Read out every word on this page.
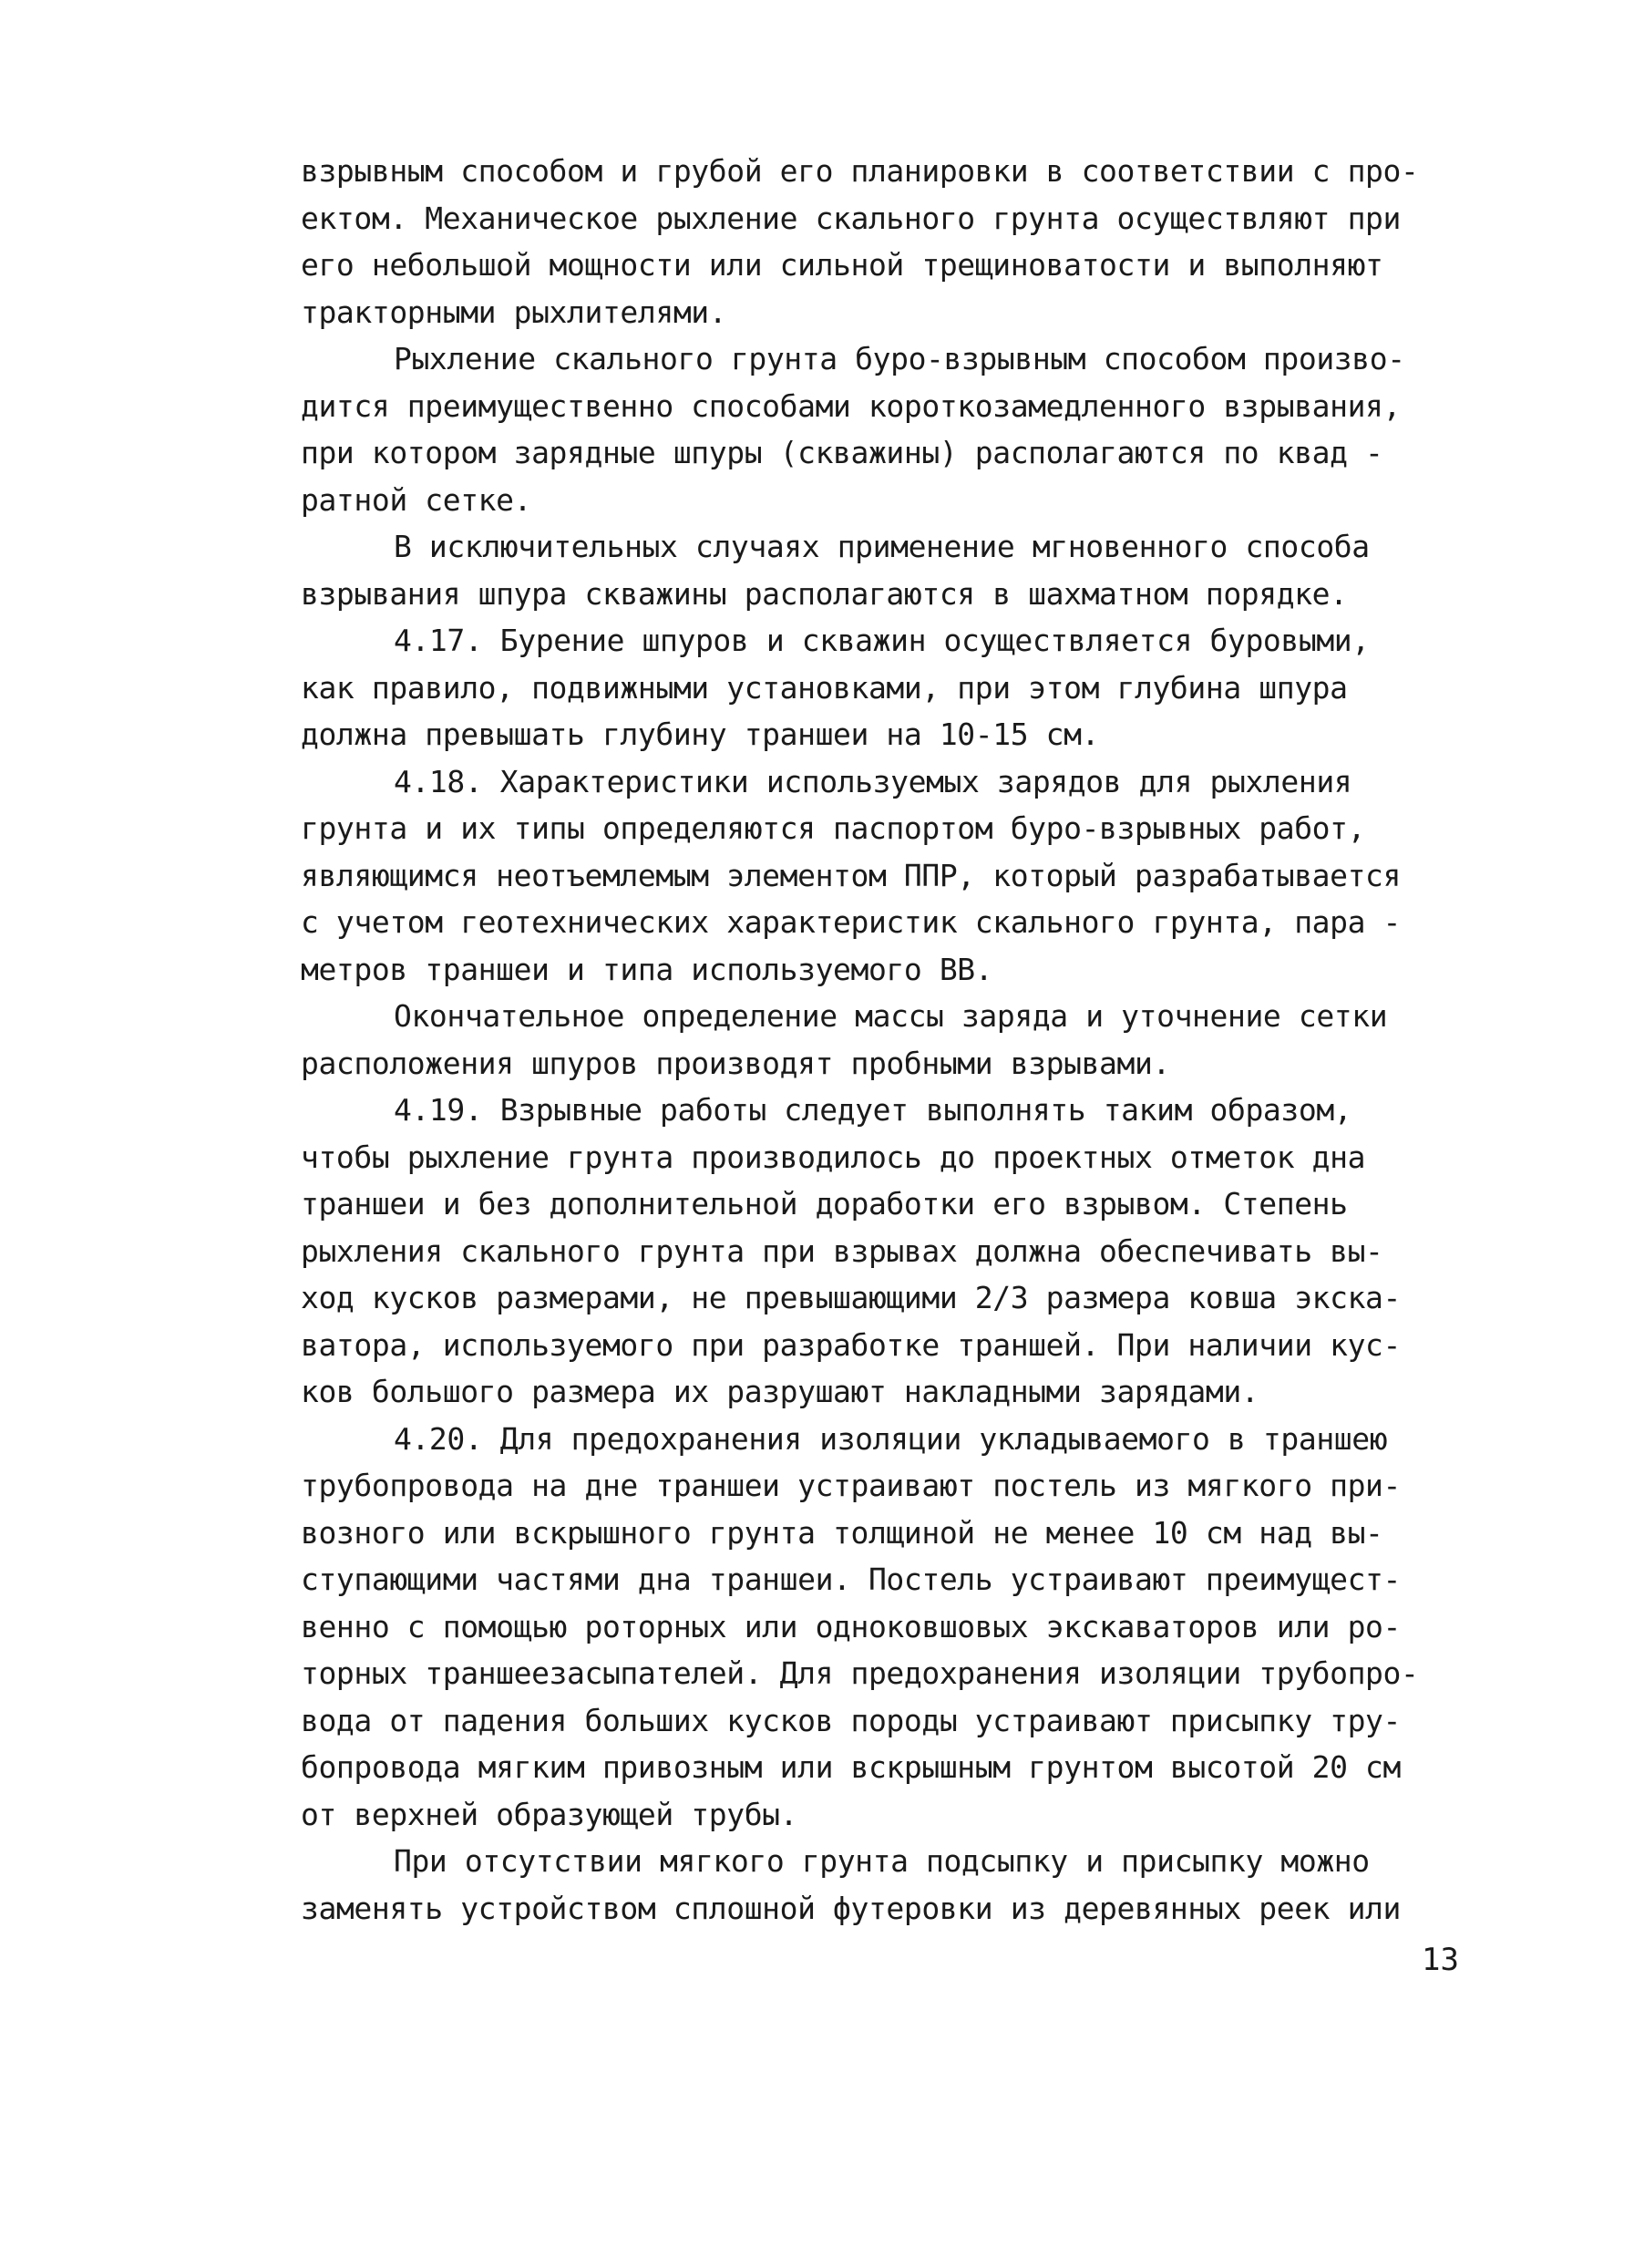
взрывным способом и грубой его планировки в соответствии с про-
ектом. Механическое рыхление скального грунта осуществляют при
его небольшой мощности или сильной трещиноватости и выполняют
тракторными рыхлителями.
Рыхление скального грунта буро-взрывным способом произво-
дится преимущественно способами короткозамедленного взрывания,
при котором зарядные шпуры (скважины) располагаются по квад -
ратной сетке.
В исключительных случаях применение мгновенного способа
взрывания шпура скважины располагаются в шахматном порядке.
4.17. Бурение шпуров и скважин осуществляется буровыми,
как правило, подвижными установками, при этом глубина шпура
должна превышать глубину траншеи на 10-15 см.
4.18. Характеристики используемых зарядов для рыхления
грунта и их типы определяются паспортом буро-взрывных работ,
являющимся неотъемлемым элементом ППР, который разрабатывается
с учетом геотехнических характеристик скального грунта, пара -
метров траншеи и типа используемого ВВ.
Окончательное определение массы заряда и уточнение сетки
расположения шпуров производят пробными взрывами.
4.19. Взрывные работы следует выполнять таким образом,
чтобы рыхление грунта производилось до проектных отметок дна
траншеи и без дополнительной доработки его взрывом. Степень
рыхления скального грунта при взрывах должна обеспечивать вы-
ход кусков размерами, не превышающими 2/3 размера ковша экска-
ватора, используемого при разработке траншей. При наличии кус-
ков большого размера их разрушают накладными зарядами.
4.20. Для предохранения изоляции укладываемого в траншею
трубопровода на дне траншеи устраивают постель из мягкого при-
возного или вскрышного грунта толщиной не менее 10 см над вы-
ступающими частями дна траншеи. Постель устраивают преимущест-
венно с помощью роторных или одноковшовых экскаваторов или ро-
торных траншеезасыпателей. Для предохранения изоляции трубопро-
вода от падения больших кусков породы устраивают присыпку тру-
бопровода мягким привозным или вскрышным грунтом высотой 20 см
от верхней образующей трубы.
При отсутствии мягкого грунта подсыпку и присыпку можно
заменять устройством сплошной футеровки из деревянных реек или
13
